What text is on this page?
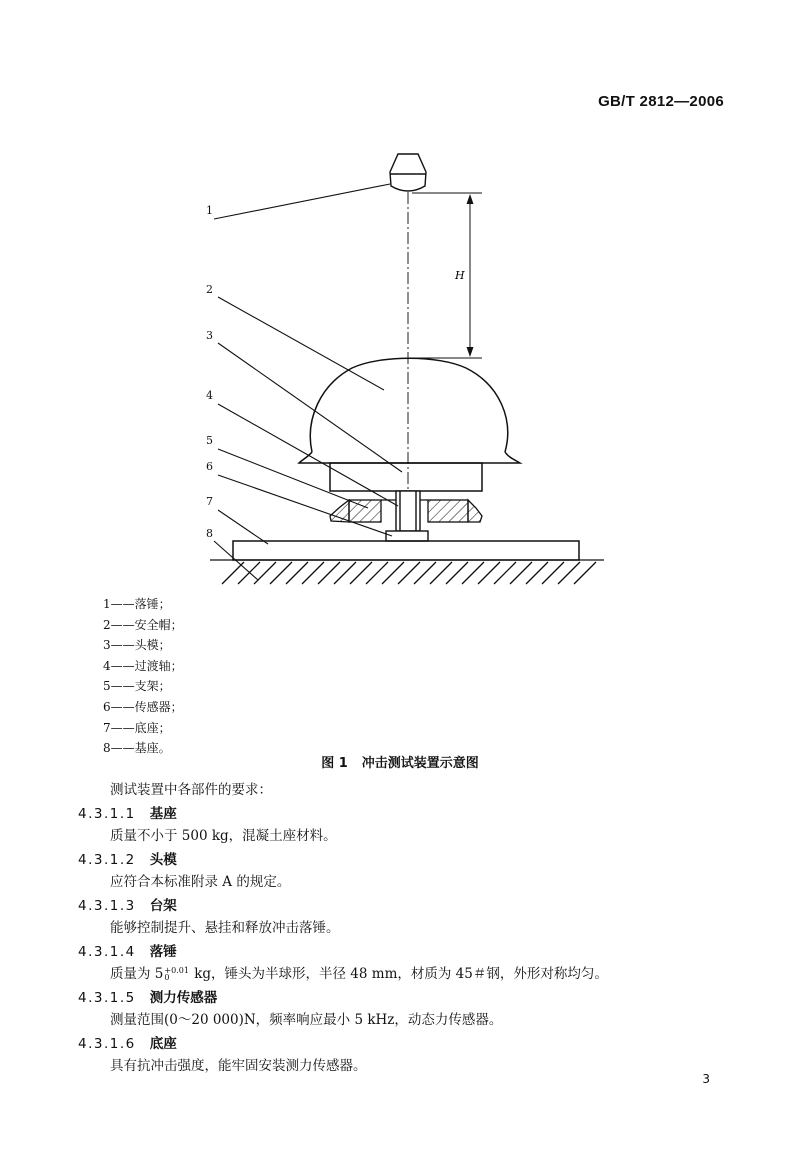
GB/T 2812—2006
H
1
2
3
4
5
6
7
8
1——落锤；
2——安全帽；
3——头模；
4——过渡轴；
5——支架；
6——传感器；
7——底座；
8——基座。
图 1 冲击测试装置示意图
测试装置中各部件的要求：
4.3.1.1 基座
质量不小于 500 kg，混凝土座材料。
4.3.1.2 头模
应符合本标准附录 A 的规定。
4.3.1.3 台架
能够控制提升、悬挂和释放冲击落锤。
4.3.1.4 落锤
质量为 5 +0.01
0	kg，锤头为半球形，半径 48 mm，材质为 45＃钢，外形对称均匀。
4.3.1.5 测力传感器
测量范围(0～20 000)N，频率响应最小 5 kHz，动态力传感器。
4.3.1.6 底座
具有抗冲击强度，能牢固安装测力传感器。
3
